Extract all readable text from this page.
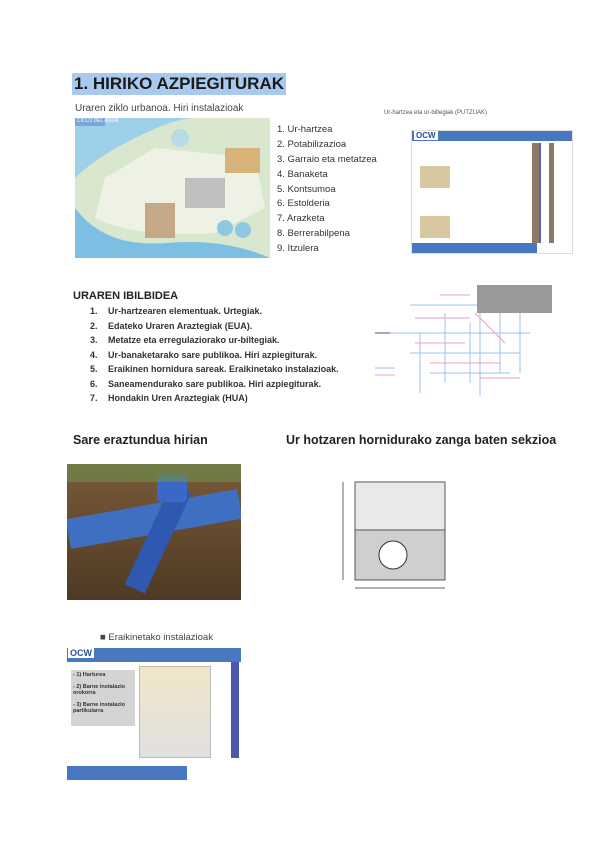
1. HIRIKO AZPIEGITURAK
Uraren ziklo urbanoa. Hiri instalazioak
CICLO DEL AGUA
1. Ur-hartzea
2. Potabilizazioa
3. Garraio eta metatzea
4. Banaketa
5. Kontsumoa
6. Estolderia
7. Arazketa
8. Berrerabilpena
9. Itzulera
Ur-hartzea eta ur-biltegiak (PUTZUAK)
OCW
URAREN IBILBIDEA
1. Ur-hartzearen elementuak. Urtegiak.
2. Edateko Uraren Araztegiak (EUA).
3. Metatze eta erregulaziorako ur-biltegiak.
4. Ur-banaketarako sare publikoa. Hiri azpiegiturak.
5. Eraikinen hornidura sareak. Eraikinetako instalazioak.
6. Saneamendurako sare publikoa. Hiri azpiegiturak.
7. Hondakin Uren Araztegiak (HUA)
Sare eraztundua hirian	Ur hotzaren hornidurako zanga baten sekzioa
■ Eraikinetako instalazioak
OCW
- 1) Harturea
- 2) Barne instalazio orokorra
- 3) Barne instalazio partikularra
